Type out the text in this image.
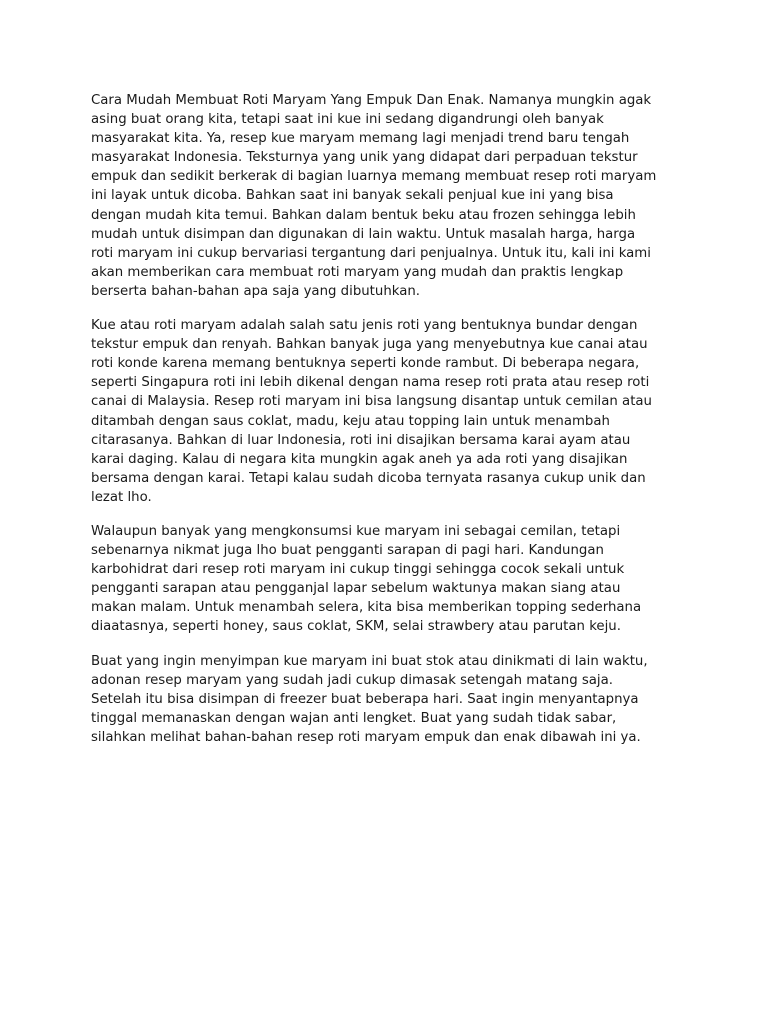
Cara Mudah Membuat Roti Maryam Yang Empuk Dan Enak. Namanya mungkin agak
asing buat orang kita, tetapi saat ini kue ini sedang digandrungi oleh banyak
masyarakat kita. Ya, resep kue maryam memang lagi menjadi trend baru tengah
masyarakat Indonesia. Teksturnya yang unik yang didapat dari perpaduan tekstur
empuk dan sedikit berkerak di bagian luarnya memang membuat resep roti maryam
ini layak untuk dicoba. Bahkan saat ini banyak sekali penjual kue ini yang bisa
dengan mudah kita temui. Bahkan dalam bentuk beku atau frozen sehingga lebih
mudah untuk disimpan dan digunakan di lain waktu. Untuk masalah harga, harga
roti maryam ini cukup bervariasi tergantung dari penjualnya. Untuk itu, kali ini kami
akan memberikan cara membuat roti maryam yang mudah dan praktis lengkap
berserta bahan-bahan apa saja yang dibutuhkan.

Kue atau roti maryam adalah salah satu jenis roti yang bentuknya bundar dengan
tekstur empuk dan renyah. Bahkan banyak juga yang menyebutnya kue canai atau
roti konde karena memang bentuknya seperti konde rambut. Di beberapa negara,
seperti Singapura roti ini lebih dikenal dengan nama resep roti prata atau resep roti
canai di Malaysia. Resep roti maryam ini bisa langsung disantap untuk cemilan atau
ditambah dengan saus coklat, madu, keju atau topping lain untuk menambah
citarasanya. Bahkan di luar Indonesia, roti ini disajikan bersama karai ayam atau
karai daging. Kalau di negara kita mungkin agak aneh ya ada roti yang disajikan
bersama dengan karai. Tetapi kalau sudah dicoba ternyata rasanya cukup unik dan
lezat lho.

Walaupun banyak yang mengkonsumsi kue maryam ini sebagai cemilan, tetapi
sebenarnya nikmat juga lho buat pengganti sarapan di pagi hari. Kandungan
karbohidrat dari resep roti maryam ini cukup tinggi sehingga cocok sekali untuk
pengganti sarapan atau pengganjal lapar sebelum waktunya makan siang atau
makan malam. Untuk menambah selera, kita bisa memberikan topping sederhana
diaatasnya, seperti honey, saus coklat, SKM, selai strawbery atau parutan keju.

Buat yang ingin menyimpan kue maryam ini buat stok atau dinikmati di lain waktu,
adonan resep maryam yang sudah jadi cukup dimasak setengah matang saja.
Setelah itu bisa disimpan di freezer buat beberapa hari. Saat ingin menyantapnya
tinggal memanaskan dengan wajan anti lengket. Buat yang sudah tidak sabar,
silahkan melihat bahan-bahan resep roti maryam empuk dan enak dibawah ini ya.
